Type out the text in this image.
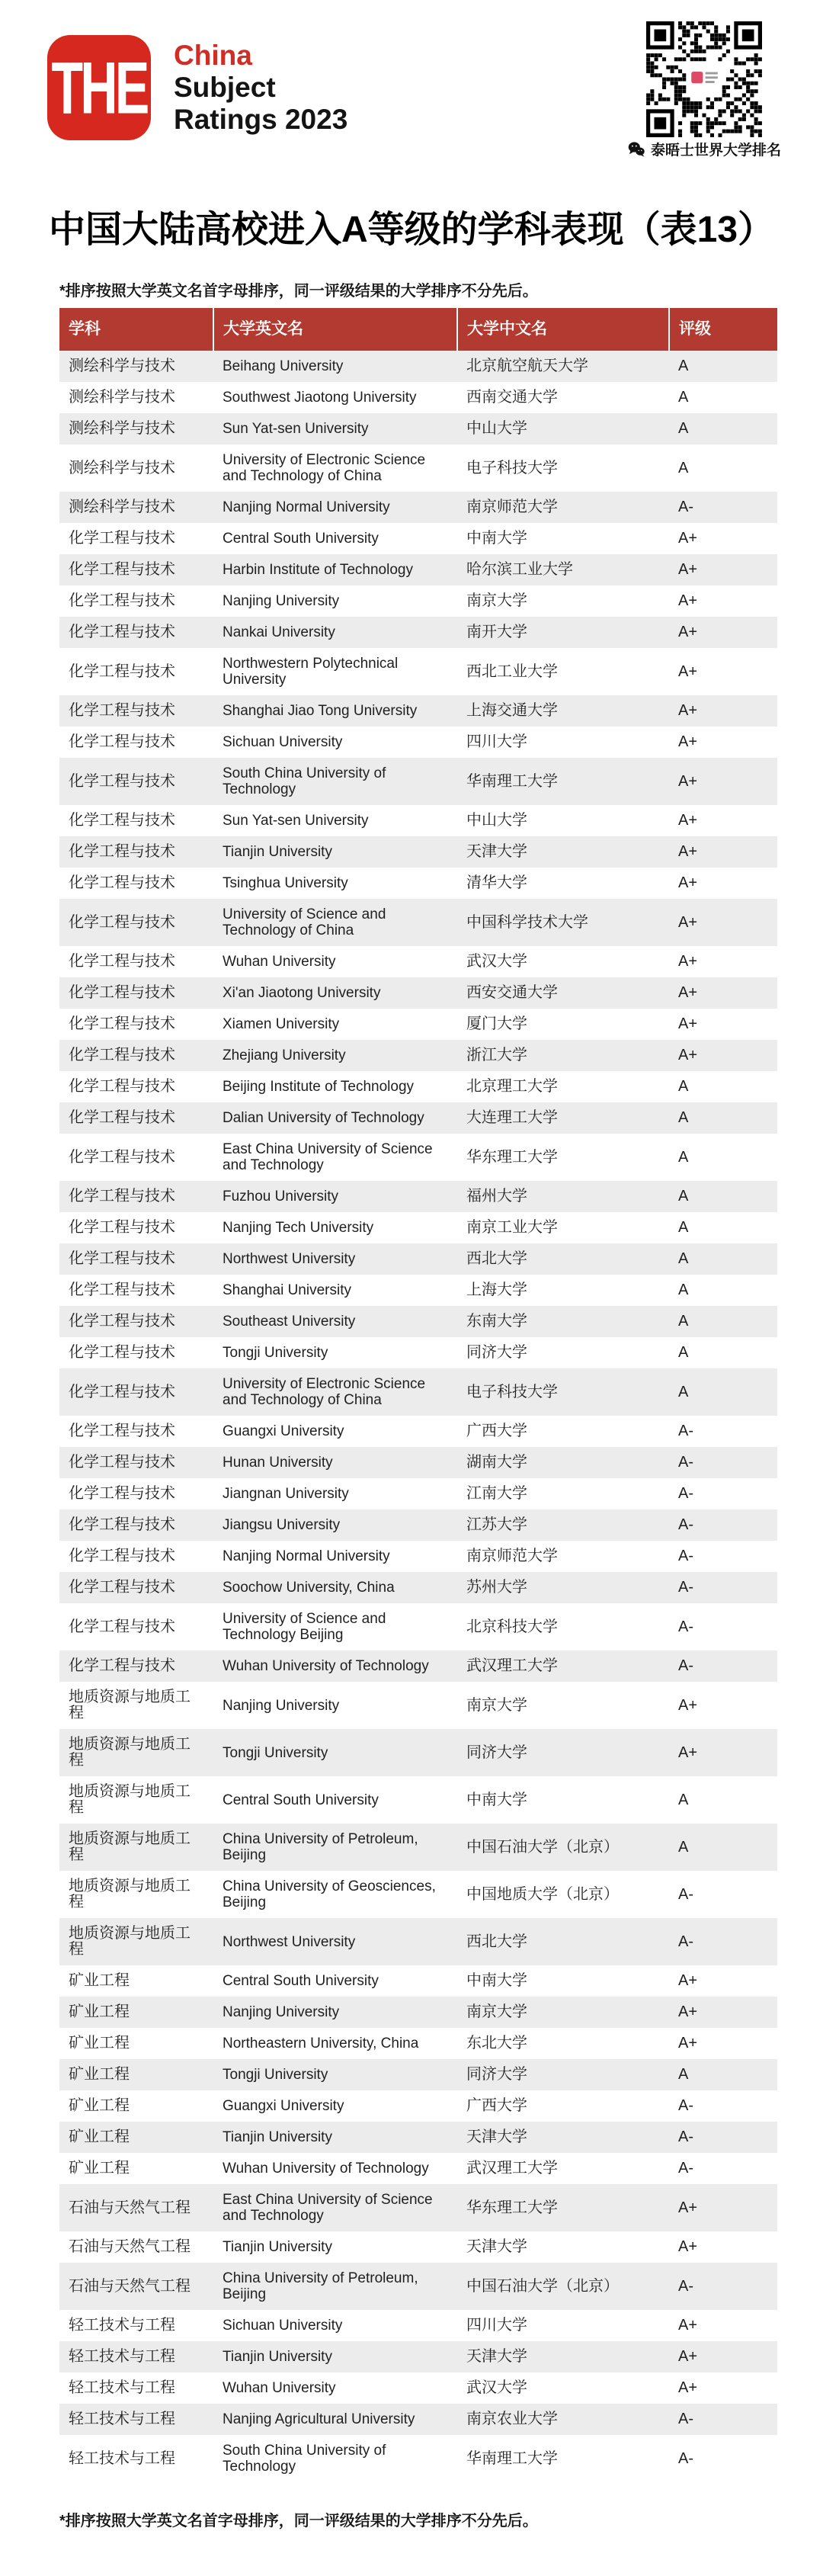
THE China
Subject
Ratings 2023
泰晤士世界大学排名
中国大陆高校进入A等级的学科表现（表13）

*排序按照大学英文名首字母排序，同一评级结果的大学排序不分先后。

学科	大学英文名	大学中文名	评级
测绘科学与技术	Beihang University	北京航空航天大学	A
测绘科学与技术	Southwest Jiaotong University	西南交通大学	A
测绘科学与技术	Sun Yat-sen University	中山大学	A
测绘科学与技术	University of Electronic Science and Technology of China	电子科技大学	A
测绘科学与技术	Nanjing Normal University	南京师范大学	A-
化学工程与技术	Central South University	中南大学	A+
化学工程与技术	Harbin Institute of Technology	哈尔滨工业大学	A+
化学工程与技术	Nanjing University	南京大学	A+
化学工程与技术	Nankai University	南开大学	A+
化学工程与技术	Northwestern Polytechnical University	西北工业大学	A+
化学工程与技术	Shanghai Jiao Tong University	上海交通大学	A+
化学工程与技术	Sichuan University	四川大学	A+
化学工程与技术	South China University of Technology	华南理工大学	A+
化学工程与技术	Sun Yat-sen University	中山大学	A+
化学工程与技术	Tianjin University	天津大学	A+
化学工程与技术	Tsinghua University	清华大学	A+
化学工程与技术	University of Science and Technology of China	中国科学技术大学	A+
化学工程与技术	Wuhan University	武汉大学	A+
化学工程与技术	Xi'an Jiaotong University	西安交通大学	A+
化学工程与技术	Xiamen University	厦门大学	A+
化学工程与技术	Zhejiang University	浙江大学	A+
化学工程与技术	Beijing Institute of Technology	北京理工大学	A
化学工程与技术	Dalian University of Technology	大连理工大学	A
化学工程与技术	East China University of Science and Technology	华东理工大学	A
化学工程与技术	Fuzhou University	福州大学	A
化学工程与技术	Nanjing Tech University	南京工业大学	A
化学工程与技术	Northwest University	西北大学	A
化学工程与技术	Shanghai University	上海大学	A
化学工程与技术	Southeast University	东南大学	A
化学工程与技术	Tongji University	同济大学	A
化学工程与技术	University of Electronic Science and Technology of China	电子科技大学	A
化学工程与技术	Guangxi University	广西大学	A-
化学工程与技术	Hunan University	湖南大学	A-
化学工程与技术	Jiangnan University	江南大学	A-
化学工程与技术	Jiangsu University	江苏大学	A-
化学工程与技术	Nanjing Normal University	南京师范大学	A-
化学工程与技术	Soochow University, China	苏州大学	A-
化学工程与技术	University of Science and Technology Beijing	北京科技大学	A-
化学工程与技术	Wuhan University of Technology	武汉理工大学	A-
地质资源与地质工程	Nanjing University	南京大学	A+
地质资源与地质工程	Tongji University	同济大学	A+
地质资源与地质工程	Central South University	中南大学	A
地质资源与地质工程	China University of Petroleum, Beijing	中国石油大学（北京）	A
地质资源与地质工程	China University of Geosciences, Beijing	中国地质大学（北京）	A-
地质资源与地质工程	Northwest University	西北大学	A-
矿业工程	Central South University	中南大学	A+
矿业工程	Nanjing University	南京大学	A+
矿业工程	Northeastern University, China	东北大学	A+
矿业工程	Tongji University	同济大学	A
矿业工程	Guangxi University	广西大学	A-
矿业工程	Tianjin University	天津大学	A-
矿业工程	Wuhan University of Technology	武汉理工大学	A-
石油与天然气工程	East China University of Science and Technology	华东理工大学	A+
石油与天然气工程	Tianjin University	天津大学	A+
石油与天然气工程	China University of Petroleum, Beijing	中国石油大学（北京）	A-
轻工技术与工程	Sichuan University	四川大学	A+
轻工技术与工程	Tianjin University	天津大学	A+
轻工技术与工程	Wuhan University	武汉大学	A+
轻工技术与工程	Nanjing Agricultural University	南京农业大学	A-
轻工技术与工程	South China University of Technology	华南理工大学	A-

*排序按照大学英文名首字母排序，同一评级结果的大学排序不分先后。
